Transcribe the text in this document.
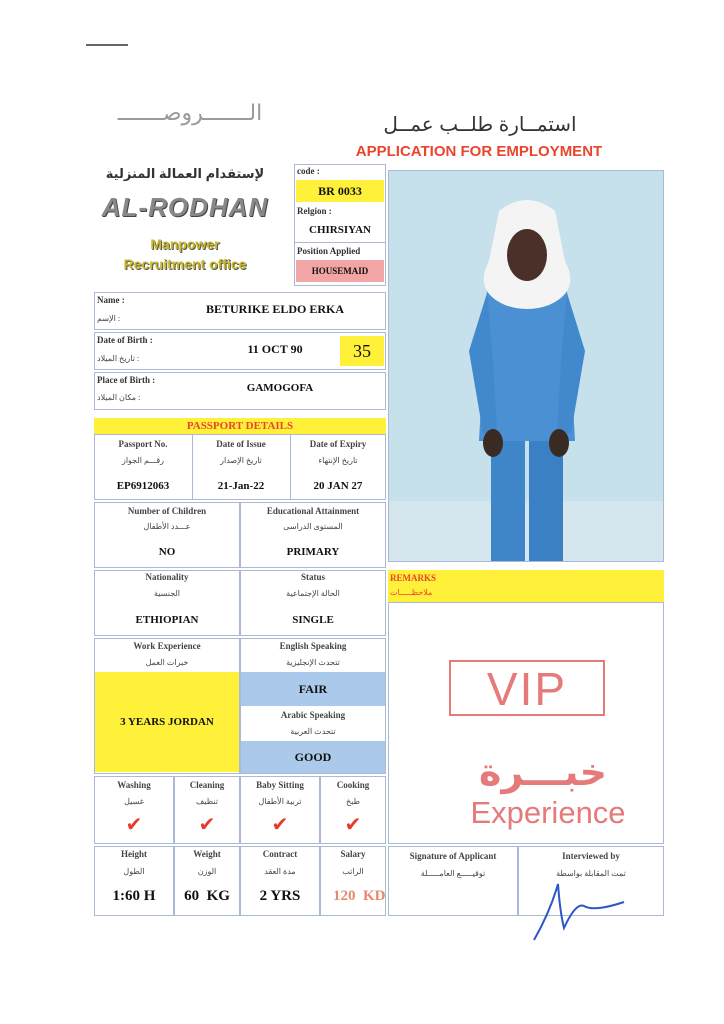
استمــارة طلــب عمــل
APPLICATION FOR EMPLOYMENT
الـــــــروصـــــــ
لإستقدام العمالة المنزلية
AL-RODHAN
Manpower
Recruitment office
code :
BR 0033
Relgion :
CHIRSIYAN
Position Applied
HOUSEMAID
Name :
الإسم :
BETURIKE ELDO ERKA
Date of Birth :
تاريخ الميلاد :
11 OCT 90	35
Place of Birth :
مكان الميلاد :
GAMOGOFA
PASSPORT DETAILS
Passport No.
رقـــم الجواز
EP6912063
Date of Issue
تاريخ الإصدار
21-Jan-22
Date of Expiry
تاريخ الإنتهاء
20 JAN 27
Number of Children
عـــدد الأطفال
NO
Educational Attainment
المستوى الدراسى
PRIMARY
Nationality
الجنسية
ETHIOPIAN
Status
الحالة الإجتماعية
SINGLE
Work Experience
خبرات العمل
3 YEARS JORDAN
English Speaking
تتحدث الإنجليزية
FAIR
Arabic Speaking
تتحدث العربية
GOOD
Washing
غسيل
✔
Cleaning
تنظيف
✔
Baby Sitting
تربية الأطفال
✔
Cooking
طبخ
✔
Height
الطول
1:60 H
Weight
الوزن
60  KG
Contract
مدة العقد
2 YRS
Salary
الراتب
120  KD
REMARKS
ملاحظـــــات
VIP
خبـــرة
Experience
Signature of Applicant
توقيـــــع العامـــــلة
Interviewed by
تمت المقابلة بواسطة
